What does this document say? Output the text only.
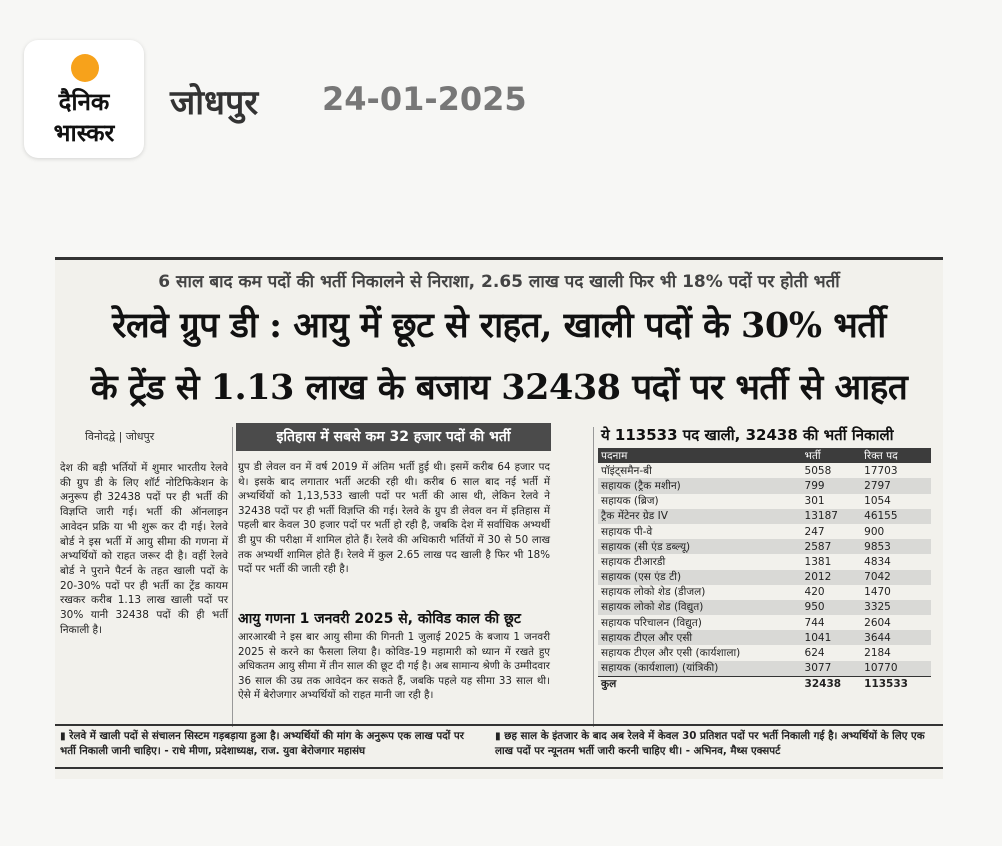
दैनिक
भास्कर
जोधपुर 24-01-2025
6 साल बाद कम पदों की भर्ती निकालने से निराशा, 2.65 लाख पद खाली फिर भी 18% पदों पर होती भर्ती
रेलवे ग्रुप डी : आयु में छूट से राहत, खाली पदों के 30% भर्ती
के ट्रेंड से 1.13 लाख के बजाय 32438 पदों पर भर्ती से आहत
विनोदद्वे | जोधपुर
देश की बड़ी भर्तियों में शुमार भारतीय रेलवे की ग्रुप डी के लिए शॉर्ट नोटिफिकेशन के अनुरूप ही 32438 पदों पर ही भर्ती की विज्ञप्ति जारी गई। भर्ती की ऑनलाइन आवेदन प्रक्रि या भी शुरू कर दी गई। रेलवे बोर्ड ने इस भर्ती में आयु सीमा की गणना में अभ्यर्थियों को राहत जरूर दी है। वहीं रेलवे बोर्ड ने पुराने पैटर्न के तहत खाली पदों के 20-30% पदों पर ही भर्ती का ट्रेंड कायम रखकर करीब 1.13 लाख खाली पदों पर 30% यानी 32438 पदों की ही भर्ती निकाली है।
इतिहास में सबसे कम 32 हजार पदों की भर्ती
ग्रुप डी लेवल वन में वर्ष 2019 में अंतिम भर्ती हुई थी। इसमें करीब 64 हजार पद थे। इसके बाद लगातार भर्ती अटकी रही थी। करीब 6 साल बाद नई भर्ती में अभ्यर्थियों को 1,13,533 खाली पदों पर भर्ती की आस थी, लेकिन रेलवे ने 32438 पदों पर ही भर्ती विज्ञप्ति की गई। रेलवे के ग्रुप डी लेवल वन में इतिहास में पहली बार केवल 30 हजार पदों पर भर्ती हो रही है, जबकि देश में सर्वाधिक अभ्यर्थी डी ग्रुप की परीक्षा में शामिल होते हैं। रेलवे की अधिकारी भर्तियों में 30 से 50 लाख तक अभ्यर्थी शामिल होते हैं। रेलवे में कुल 2.65 लाख पद खाली है फिर भी 18% पदों पर भर्ती की जाती रही है।
आयु गणना 1 जनवरी 2025 से, कोविड काल की छूट
आरआरबी ने इस बार आयु सीमा की गिनती 1 जुलाई 2025 के बजाय 1 जनवरी 2025 से करने का फैसला लिया है। कोविड-19 महामारी को ध्यान में रखते हुए अधिकतम आयु सीमा में तीन साल की छूट दी गई है। अब सामान्य श्रेणी के उम्मीदवार 36 साल की उम्र तक आवेदन कर सकते हैं, जबकि पहले यह सीमा 33 साल थी। ऐसे में बेरोजगार अभ्यर्थियों को राहत मानी जा रही है।
ये 113533 पद खाली, 32438 की भर्ती निकाली
पदनाम	भर्ती	रिक्त पद
पॉइंट्समैन-बी	5058	17703
सहायक (ट्रैक मशीन)	799	2797
सहायक (ब्रिज)	301	1054
ट्रैक मेंटेनर ग्रेड IV	13187	46155
सहायक पी-वे	247	900
सहायक (सी एंड डब्ल्यू)	2587	9853
सहायक टीआरडी	1381	4834
सहायक (एस एंड टी)	2012	7042
सहायक लोको शेड (डीजल)	420	1470
सहायक लोको शेड (विद्युत)	950	3325
सहायक परिचालन (विद्युत)	744	2604
सहायक टीएल और एसी	1041	3644
सहायक टीएल और एसी (कार्यशाला)	624	2184
सहायक (कार्यशाला) (यांत्रिकी)	3077	10770
कुल	32438	113533
▮ रेलवे में खाली पदों से संचालन सिस्टम गड़बड़ाया हुआ है। अभ्यर्थियों की मांग के अनुरूप एक लाख पदों पर भर्ती निकाली जानी चाहिए। - राधे मीणा, प्रदेशाध्यक्ष, राज. युवा बेरोजगार महासंघ
▮ छह साल के इंतजार के बाद अब रेलवे में केवल 30 प्रतिशत पदों पर भर्ती निकाली गई है। अभ्यर्थियों के लिए एक लाख पदों पर न्यूनतम भर्ती जारी करनी चाहिए थी। - अभिनव, मैथ्स एक्सपर्ट
